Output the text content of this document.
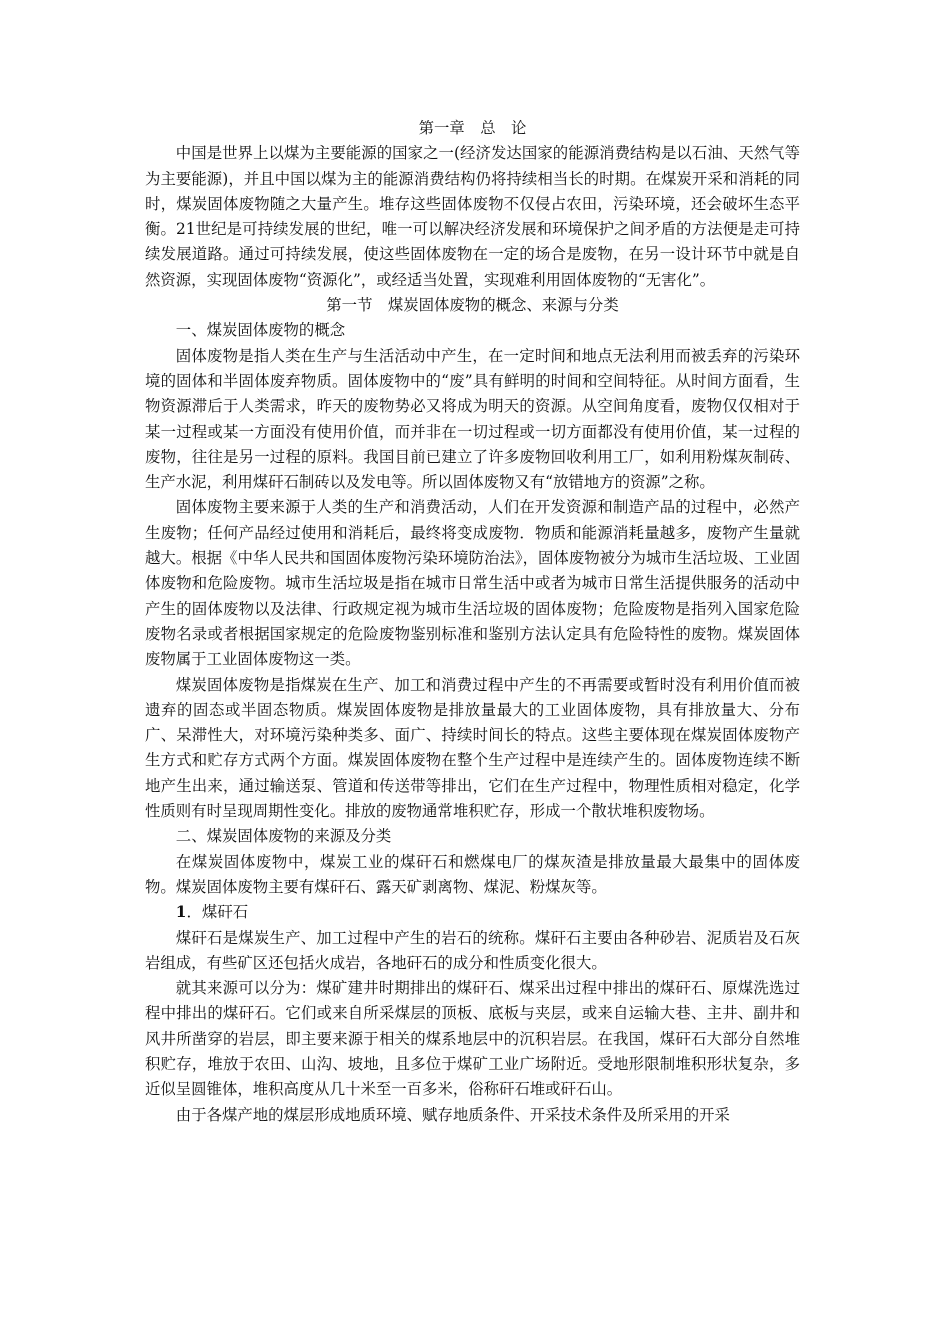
第一章　总　论

中国是世界上以煤为主要能源的国家之一(经济发达国家的能源消费结构是以石油、天然气等为主要能源)，并且中国以煤为主的能源消费结构仍将持续相当长的时期。在煤炭开采和消耗的同时，煤炭固体废物随之大量产生。堆存这些固体废物不仅侵占农田，污染环境，还会破坏生态平衡。21世纪是可持续发展的世纪，唯一可以解决经济发展和环境保护之间矛盾的方法便是走可持续发展道路。通过可持续发展，使这些固体废物在一定的场合是废物，在另一设计环节中就是自然资源，实现固体废物“资源化”，或经适当处置，实现难利用固体废物的“无害化”。

第一节　煤炭固体废物的概念、来源与分类

一、煤炭固体废物的概念

固体废物是指人类在生产与生活活动中产生，在一定时间和地点无法利用而被丢弃的污染环境的固体和半固体废弃物质。固体废物中的“废”具有鲜明的时间和空间特征。从时间方面看，生物资源滞后于人类需求，昨天的废物势必又将成为明天的资源。从空间角度看，废物仅仅相对于某一过程或某一方面没有使用价值，而并非在一切过程或一切方面都没有使用价值，某一过程的废物，往往是另一过程的原料。我国目前已建立了许多废物回收利用工厂，如利用粉煤灰制砖、生产水泥，利用煤矸石制砖以及发电等。所以固体废物又有“放错地方的资源”之称。

固体废物主要来源于人类的生产和消费活动，人们在开发资源和制造产品的过程中，必然产生废物；任何产品经过使用和消耗后，最终将变成废物．物质和能源消耗量越多，废物产生量就越大。根据《中华人民共和国固体废物污染环境防治法》，固体废物被分为城市生活垃圾、工业固体废物和危险废物。城市生活垃圾是指在城市日常生活中或者为城市日常生活提供服务的活动中产生的固体废物以及法律、行政规定视为城市生活垃圾的固体废物；危险废物是指列入国家危险废物名录或者根据国家规定的危险废物鉴别标准和鉴别方法认定具有危险特性的废物。煤炭固体废物属于工业固体废物这一类。

煤炭固体废物是指煤炭在生产、加工和消费过程中产生的不再需要或暂时没有利用价值而被遗弃的固态或半固态物质。煤炭固体废物是排放量最大的工业固体废物，具有排放量大、分布广、呆滞性大，对环境污染种类多、面广、持续时间长的特点。这些主要体现在煤炭固体废物产生方式和贮存方式两个方面。煤炭固体废物在整个生产过程中是连续产生的。固体废物连续不断地产生出来，通过输送泵、管道和传送带等排出，它们在生产过程中，物理性质相对稳定，化学性质则有时呈现周期性变化。排放的废物通常堆积贮存，形成一个散状堆积废物场。

二、煤炭固体废物的来源及分类

在煤炭固体废物中，煤炭工业的煤矸石和燃煤电厂的煤灰渣是排放量最大最集中的固体废物。煤炭固体废物主要有煤矸石、露天矿剥离物、煤泥、粉煤灰等。

1．煤矸石

煤矸石是煤炭生产、加工过程中产生的岩石的统称。煤矸石主要由各种砂岩、泥质岩及石灰岩组成，有些矿区还包括火成岩，各地矸石的成分和性质变化很大。

就其来源可以分为：煤矿建井时期排出的煤矸石、煤采出过程中排出的煤矸石、原煤洗选过程中排出的煤矸石。它们或来自所采煤层的顶板、底板与夹层，或来自运输大巷、主井、副井和风井所凿穿的岩层，即主要来源于相关的煤系地层中的沉积岩层。在我国，煤矸石大部分自然堆积贮存，堆放于农田、山沟、坡地，且多位于煤矿工业广场附近。受地形限制堆积形状复杂，多近似呈圆锥体，堆积高度从几十米至一百多米，俗称矸石堆或矸石山。

由于各煤产地的煤层形成地质环境、赋存地质条件、开采技术条件及所采用的开采
